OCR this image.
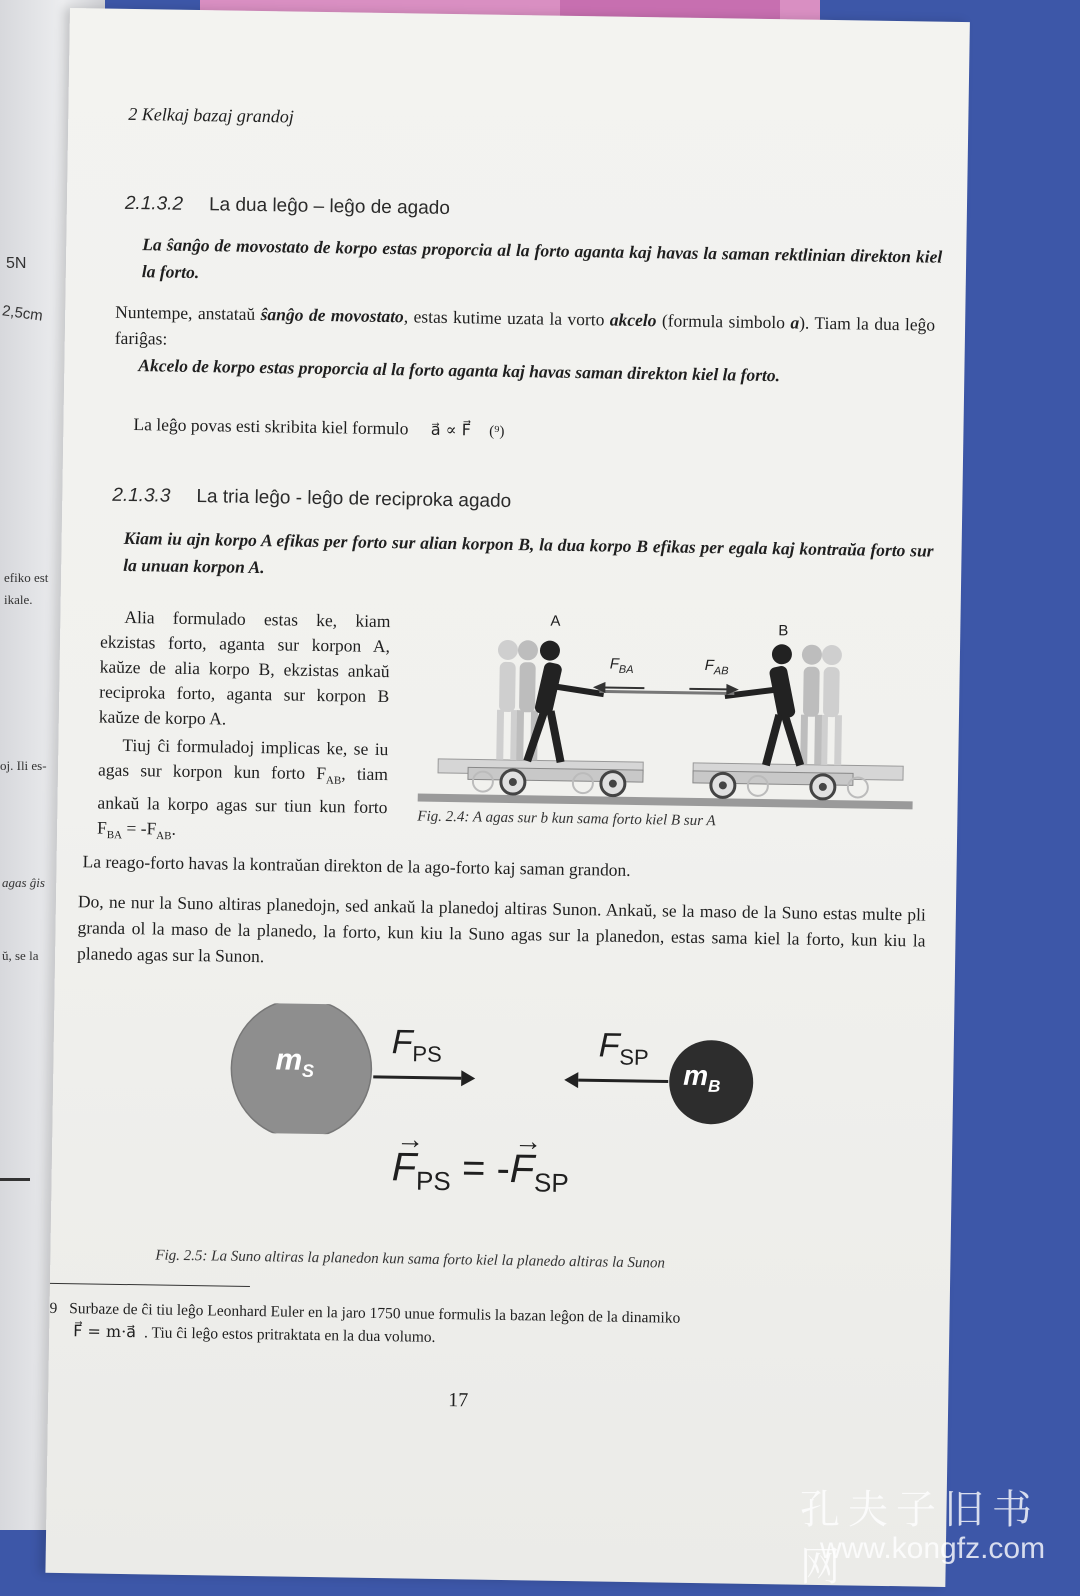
5N
2,5cm
efiko est
ikale.
oj. Ili es-
agas ĝis
ŭ, se la
2 Kelkaj bazaj grandoj
2.1.3.2 La dua leĝo – leĝo de agado
La ŝanĝo de movostato de korpo estas proporcia al la forto aganta kaj havas la saman rektlinian direkton kiel la forto.
Nuntempe, anstataŭ ŝanĝo de movostato, estas kutime uzata la vorto akcelo (formula simbolo a). Tiam la dua leĝo fariĝas:
Akcelo de korpo estas proporcia al la forto aganta kaj havas saman direkton kiel la forto.
La leĝo povas esti skribita kiel formulo a⃗ ∝ F⃗ (⁹)
2.1.3.3 La tria leĝo - leĝo de reciproka agado
Kiam iu ajn korpo A efikas per forto sur alian korpon B, la dua korpo B efikas per egala kaj kontraŭa forto sur la unuan korpon A.
Alia formulado estas ke, kiam ekzistas forto, aganta sur korpon A, kaŭze de alia korpo B, ekzistas ankaŭ reciproka forto, aganta sur korpon B kaŭze de korpo A.
Tiuj ĉi formuladoj implicas ke, se iu agas sur korpon kun forto $F_{AB}$, tiam ankaŭ la korpo agas sur tiun kun forto $F_{BA} = -F_{AB}$.
A
B
$F_{BA}$	$F_{AB}$
Fig. 2.4: A agas sur b kun sama forto kiel B sur A
La reago-forto havas la kontraŭan direkton de la ago-forto kaj saman grandon.
Do, ne nur la Suno altiras planedojn, sed ankaŭ la planedoj altiras Sunon. Ankaŭ, se la maso de la Suno estas multe pli granda ol la maso de la planedo, la forto, kun kiu la Suno agas sur la planedon, estas sama kiel la forto, kun kiu la planedo agas sur la Sunon.
$m_S$	$m_B$
$F_{PS}$	$F_{SP}$
→
$F_{PS}$ = -
→
$F_{SP}$
Fig. 2.5: La Suno altiras la planedon kun sama forto kiel la planedo altiras la Sunon
9 Surbaze de ĉi tiu leĝo Leonhard Euler en la jaro 1750 unue formulis la bazan leĝon de la dinamiko
F⃗ = m·a⃗ . Tiu ĉi leĝo estos pritraktata en la dua volumo.
17
孔夫子旧书网
www.kongfz.com
